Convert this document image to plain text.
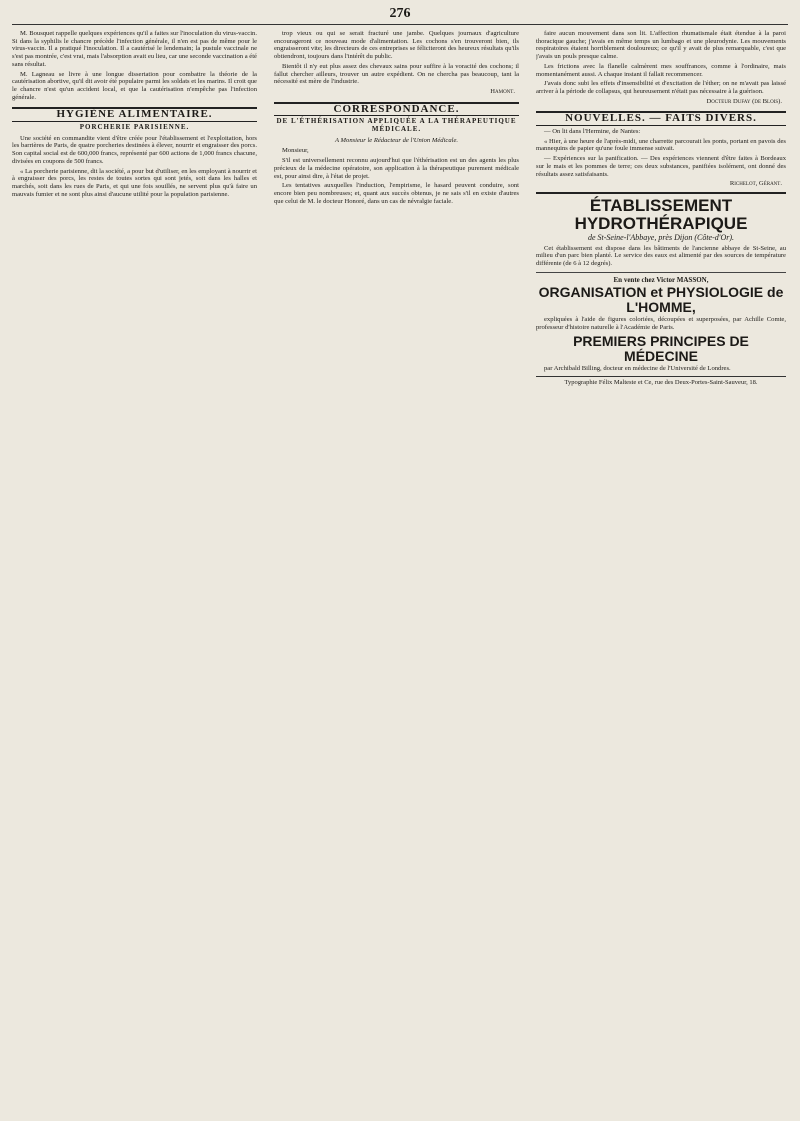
276

M. Bousquet rappelle quelques expériences qu'il a faites sur l'inoculation du virus-vaccin. Si dans la syphilis le chancre précède l'infection générale, il n'en est pas de même pour le virus-vaccin. Il a pratiqué l'inoculation. Il a cautérisé le lendemain; la pustule vaccinale ne s'est pas montrée, c'est vrai, mais l'absorption avait eu lieu, car une seconde vaccination a été sans résultat.

M. Lagneau se livre à une longue dissertation pour combattre la théorie de la cautérisation abortive, qu'il dit avoir été populaire parmi les soldats et les marins. Il croit que le chancre n'est qu'un accident local, et que la cautérisation n'empêche pas l'infection générale.

HYGIÈNE ALIMENTAIRE.
PORCHERIE PARISIENNE.

Une société en commandite vient d'être créée pour l'établissement et l'exploitation, hors les barrières de Paris, de quatre porcheries destinées à élever, nourrir et engraisser des porcs. Son capital social est de 600,000 francs, représenté par 600 actions de 1,000 francs chacune, divisées en coupons de 500 francs.

« La porcherie parisienne, dit la société, a pour but d'utiliser, en les employant à nourrir et à engraisser des porcs, les restes de toutes sortes qui sont jetés, soit dans les halles et marchés, soit dans les rues de Paris, et qui une fois souillés, ne servent plus qu'à faire un mauvais fumier et ne sont plus ainsi d'aucune utilité pour la population parisienne.

trop vieux ou qui se serait fracturé une jambe. Quelques journaux d'agriculture encourageront ce nouveau mode d'alimentation. Les cochons s'en trouveront bien, ils engraisseront vite; les directeurs de ces entreprises se féliciteront des heureux résultats qu'ils obtiendront, toujours dans l'intérêt du public.

Bientôt il n'y eut plus assez des chevaux sains pour suffire à la voracité des cochons; il fallut chercher ailleurs, trouver un autre expédient. On ne chercha pas beaucoup, tant la nécessité est mère de l'industrie.

Hamont.
CORRESPONDANCE.
DE L'ÉTHÉRISATION APPLIQUÉE A LA THÉRAPEUTIQUE MÉDICALE.
A Monsieur le Rédacteur de l'Union Médicale.

Monsieur,

S'il est universellement reconnu aujourd'hui que l'éthérisation est un des agents les plus précieux de la médecine opératoire, son application à la thérapeutique purement médicale est, pour ainsi dire, à l'état de projet.

Les tentatives auxquelles l'induction, l'empirisme, le hasard peuvent conduire, sont encore bien peu nombreuses; et, quant aux succès obtenus, je ne sais s'il en existe d'autres que celui de M. le docteur Honoré, dans un cas de névralgie faciale.

faire aucun mouvement dans son lit. L'affection rhumatismale était étendue à la paroi thoracique gauche; j'avais en même temps un lumbago et une pleurodynie. Les mouvements respiratoires étaient horriblement douloureux; ce qu'il y avait de plus remarquable, c'est que j'avais un pouls presque calme.

Les frictions avec la flanelle calmèrent mes souffrances, comme à l'ordinaire, mais momentanément aussi. A chaque instant il fallait recommencer.

J'avais donc subi les effets d'insensibilité et d'excitation de l'éther; on ne m'avait pas laissé arriver à la période de collapsus, qui heureusement n'était pas nécessaire à la guérison.

Docteur Dufay (de Blois).
NOUVELLES. — FAITS DIVERS.

— On lit dans l'Hermine, de Nantes:

« Hier, à une heure de l'après-midi, une charrette parcourait les ponts, portant en pavois des mannequins de papier qu'une foule immense suivait.

— Expériences sur la panification. — Des expériences viennent d'être faites à Bordeaux sur le mais et les pommes de terre; ces deux substances, panifiées isolément, ont donné des résultats assez satisfaisants.

Richelot, Gérant.
ÉTABLISSEMENT HYDROTHÉRAPIQUE
de St-Seine-l'Abbaye, près Dijon (Côte-d'Or).

Cet établissement est dispose dans les bâtiments de l'ancienne abbaye de St-Seine, au milieu d'un parc bien planté. Le service des eaux est alimenté par des sources de température différente (de 6 à 12 degrés).

En vente chez Victor MASSON,
ORGANISATION et PHYSIOLOGIE de L'HOMME,

expliquées à l'aide de figures coloriées, découpées et superposées, par Achille Comte, professeur d'histoire naturelle à l'Académie de Paris.

PREMIERS PRINCIPES DE MÉDECINE

par Archibald Billing, docteur en médecine de l'Université de Londres.

Typographie Félix Malteste et Ce, rue des Deux-Portes-Saint-Sauveur, 18.
